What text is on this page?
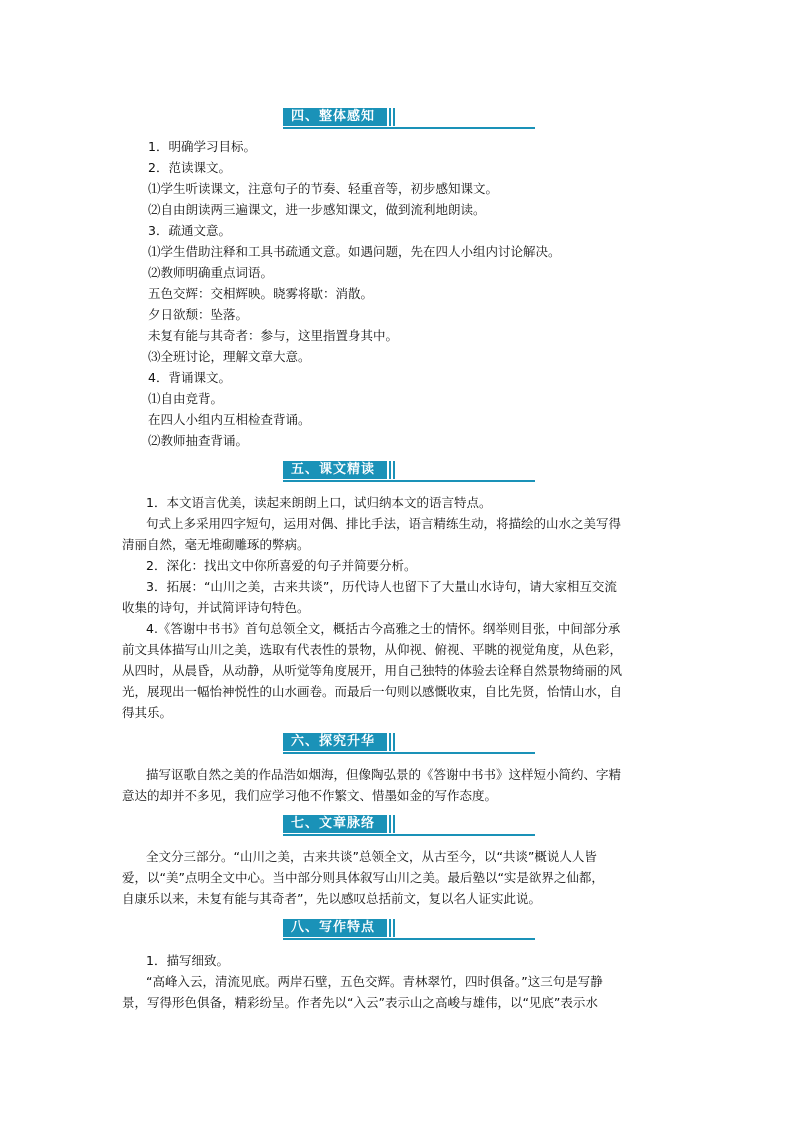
四、整体感知
1．明确学习目标。
2．范读课文。
⑴学生听读课文，注意句子的节奏、轻重音等，初步感知课文。
⑵自由朗读两三遍课文，进一步感知课文，做到流利地朗读。
3．疏通文意。
⑴学生借助注释和工具书疏通文意。如遇问题，先在四人小组内讨论解决。
⑵教师明确重点词语。
五色交辉：交相辉映。晓雾将歇：消散。
夕日欲颓：坠落。
未复有能与其奇者：参与，这里指置身其中。
⑶全班讨论，理解文章大意。
4．背诵课文。
⑴自由竞背。
在四人小组内互相检查背诵。
⑵教师抽查背诵。
五、课文精读
1．本文语言优美，读起来朗朗上口，试归纳本文的语言特点。
句式上多采用四字短句，运用对偶、排比手法，语言精练生动，将描绘的山水之美写得
清丽自然，毫无堆砌雕琢的弊病。
2．深化：找出文中你所喜爱的句子并简要分析。
3．拓展：“山川之美，古来共谈”，历代诗人也留下了大量山水诗句，请大家相互交流
收集的诗句，并试简评诗句特色。
4.《答谢中书书》首句总领全文，概括古今高雅之士的情怀。纲举则目张，中间部分承
前文具体描写山川之美，选取有代表性的景物，从仰视、俯视、平眺的视觉角度，从色彩，
从四时，从晨昏，从动静，从听觉等角度展开，用自己独特的体验去诠释自然景物绮丽的风
光，展现出一幅怡神悦性的山水画卷。而最后一句则以感慨收束，自比先贤，怡情山水，自
得其乐。
六、探究升华
描写讴歌自然之美的作品浩如烟海，但像陶弘景的《答谢中书书》这样短小简约、字精
意达的却并不多见，我们应学习他不作繁文、惜墨如金的写作态度。
七、文章脉络
全文分三部分。“山川之美，古来共谈”总领全文，从古至今，以“共谈”概说人人皆
爱，以“美”点明全文中心。当中部分则具体叙写山川之美。最后塾以“实是欲界之仙都，
自康乐以来，未复有能与其奇者”，先以感叹总括前文，复以名人证实此说。
八、写作特点
1．描写细致。
“高峰入云，清流见底。两岸石壁，五色交辉。青林翠竹，四时俱备。”这三句是写静
景，写得形色俱备，精彩纷呈。作者先以“入云”表示山之高峻与雄伟，以“见底”表示水
